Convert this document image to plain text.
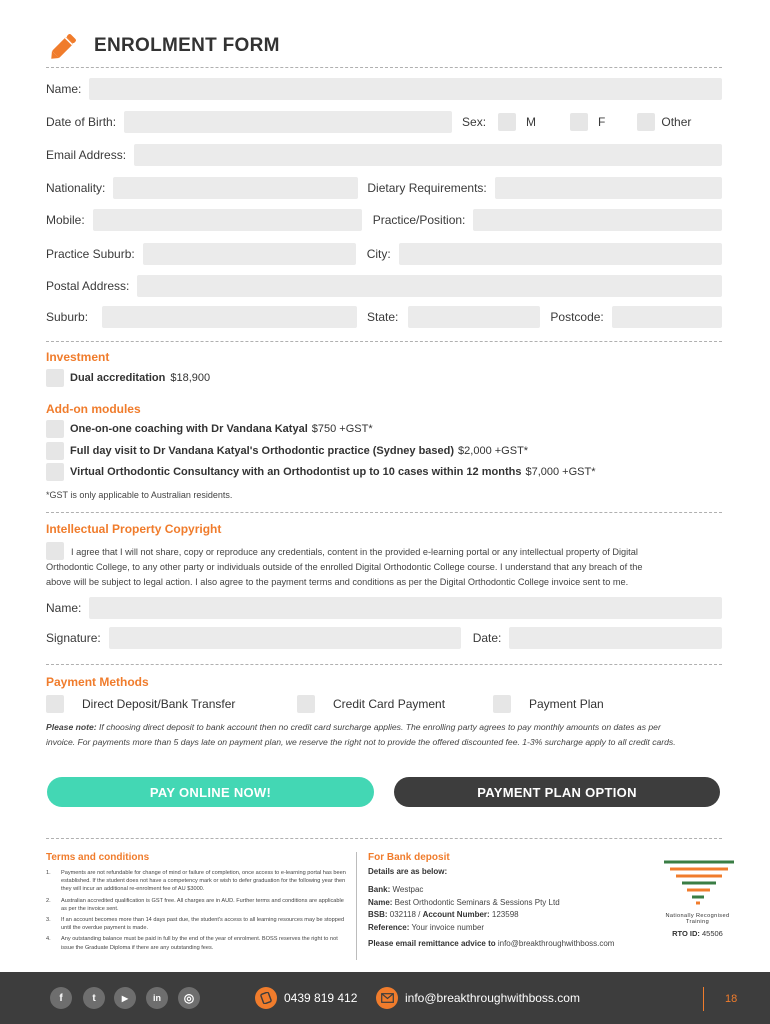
ENROLMENT FORM
Name:
Date of Birth:	Sex:	M	F	Other
Email Address:
Nationality:	Dietary Requirements:
Mobile:	Practice/Position:
Practice Suburb:	City:
Postal Address:
Suburb:	State:	Postcode:
Investment
Dual accreditation $18,900
Add-on modules
One-on-one coaching with Dr Vandana Katyal $750 +GST*
Full day visit to Dr Vandana Katyal's Orthodontic practice (Sydney based) $2,000 +GST*
Virtual Orthodontic Consultancy with an Orthodontist up to 10 cases within 12 months $7,000 +GST*
*GST is only applicable to Australian residents.
Intellectual Property Copyright
I agree that I will not share, copy or reproduce any credentials, content in the provided e-learning portal or any intellectual property of Digital
Orthodontic College, to any other party or individuals outside of the enrolled Digital Orthodontic College course. I understand that any breach of the
above will be subject to legal action. I also agree to the payment terms and conditions as per the Digital Orthodontic College invoice sent to me.
Name:
Signature:	Date:
Payment Methods
Direct Deposit/Bank Transfer	Credit Card Payment	Payment Plan
Please note: If choosing direct deposit to bank account then no credit card surcharge applies. The enrolling party agrees to pay monthly amounts on dates as per
invoice. For payments more than 5 days late on payment plan, we reserve the right not to provide the offered discounted fee. 1-3% surcharge apply to all credit cards.
PAY ONLINE NOW!	PAYMENT PLAN OPTION
Terms and conditions
1. Payments are not refundable for change of mind or failure of completion, once access to e-learning portal has been established. If the student does not have a competency mark or wish to defer graduation for the following year then they will incur an additional re-enrolment fee of AU $3000.
2. Australian accredited qualification is GST free. All charges are in AUD. Further terms and conditions are applicable as per the invoice sent.
3. If an account becomes more than 14 days past due, the student's access to all learning resources may be stopped until the overdue payment is made.
4. Any outstanding balance must be paid in full by the end of the year of enrolment. BOSS reserves the right to not issue the Graduate Diploma if there are any outstanding fees.
For Bank deposit
Details are as below:
Bank: Westpac
Name: Best Orthodontic Seminars & Sessions Pty Ltd
BSB: 032118 / Account Number: 123598
Reference: Your invoice number
Please email remittance advice to info@breakthroughwithboss.com
Nationally Recognised Training
RTO ID: 45506
f	t	▶	in	◎	0439 819 412	info@breakthroughwithboss.com	18
